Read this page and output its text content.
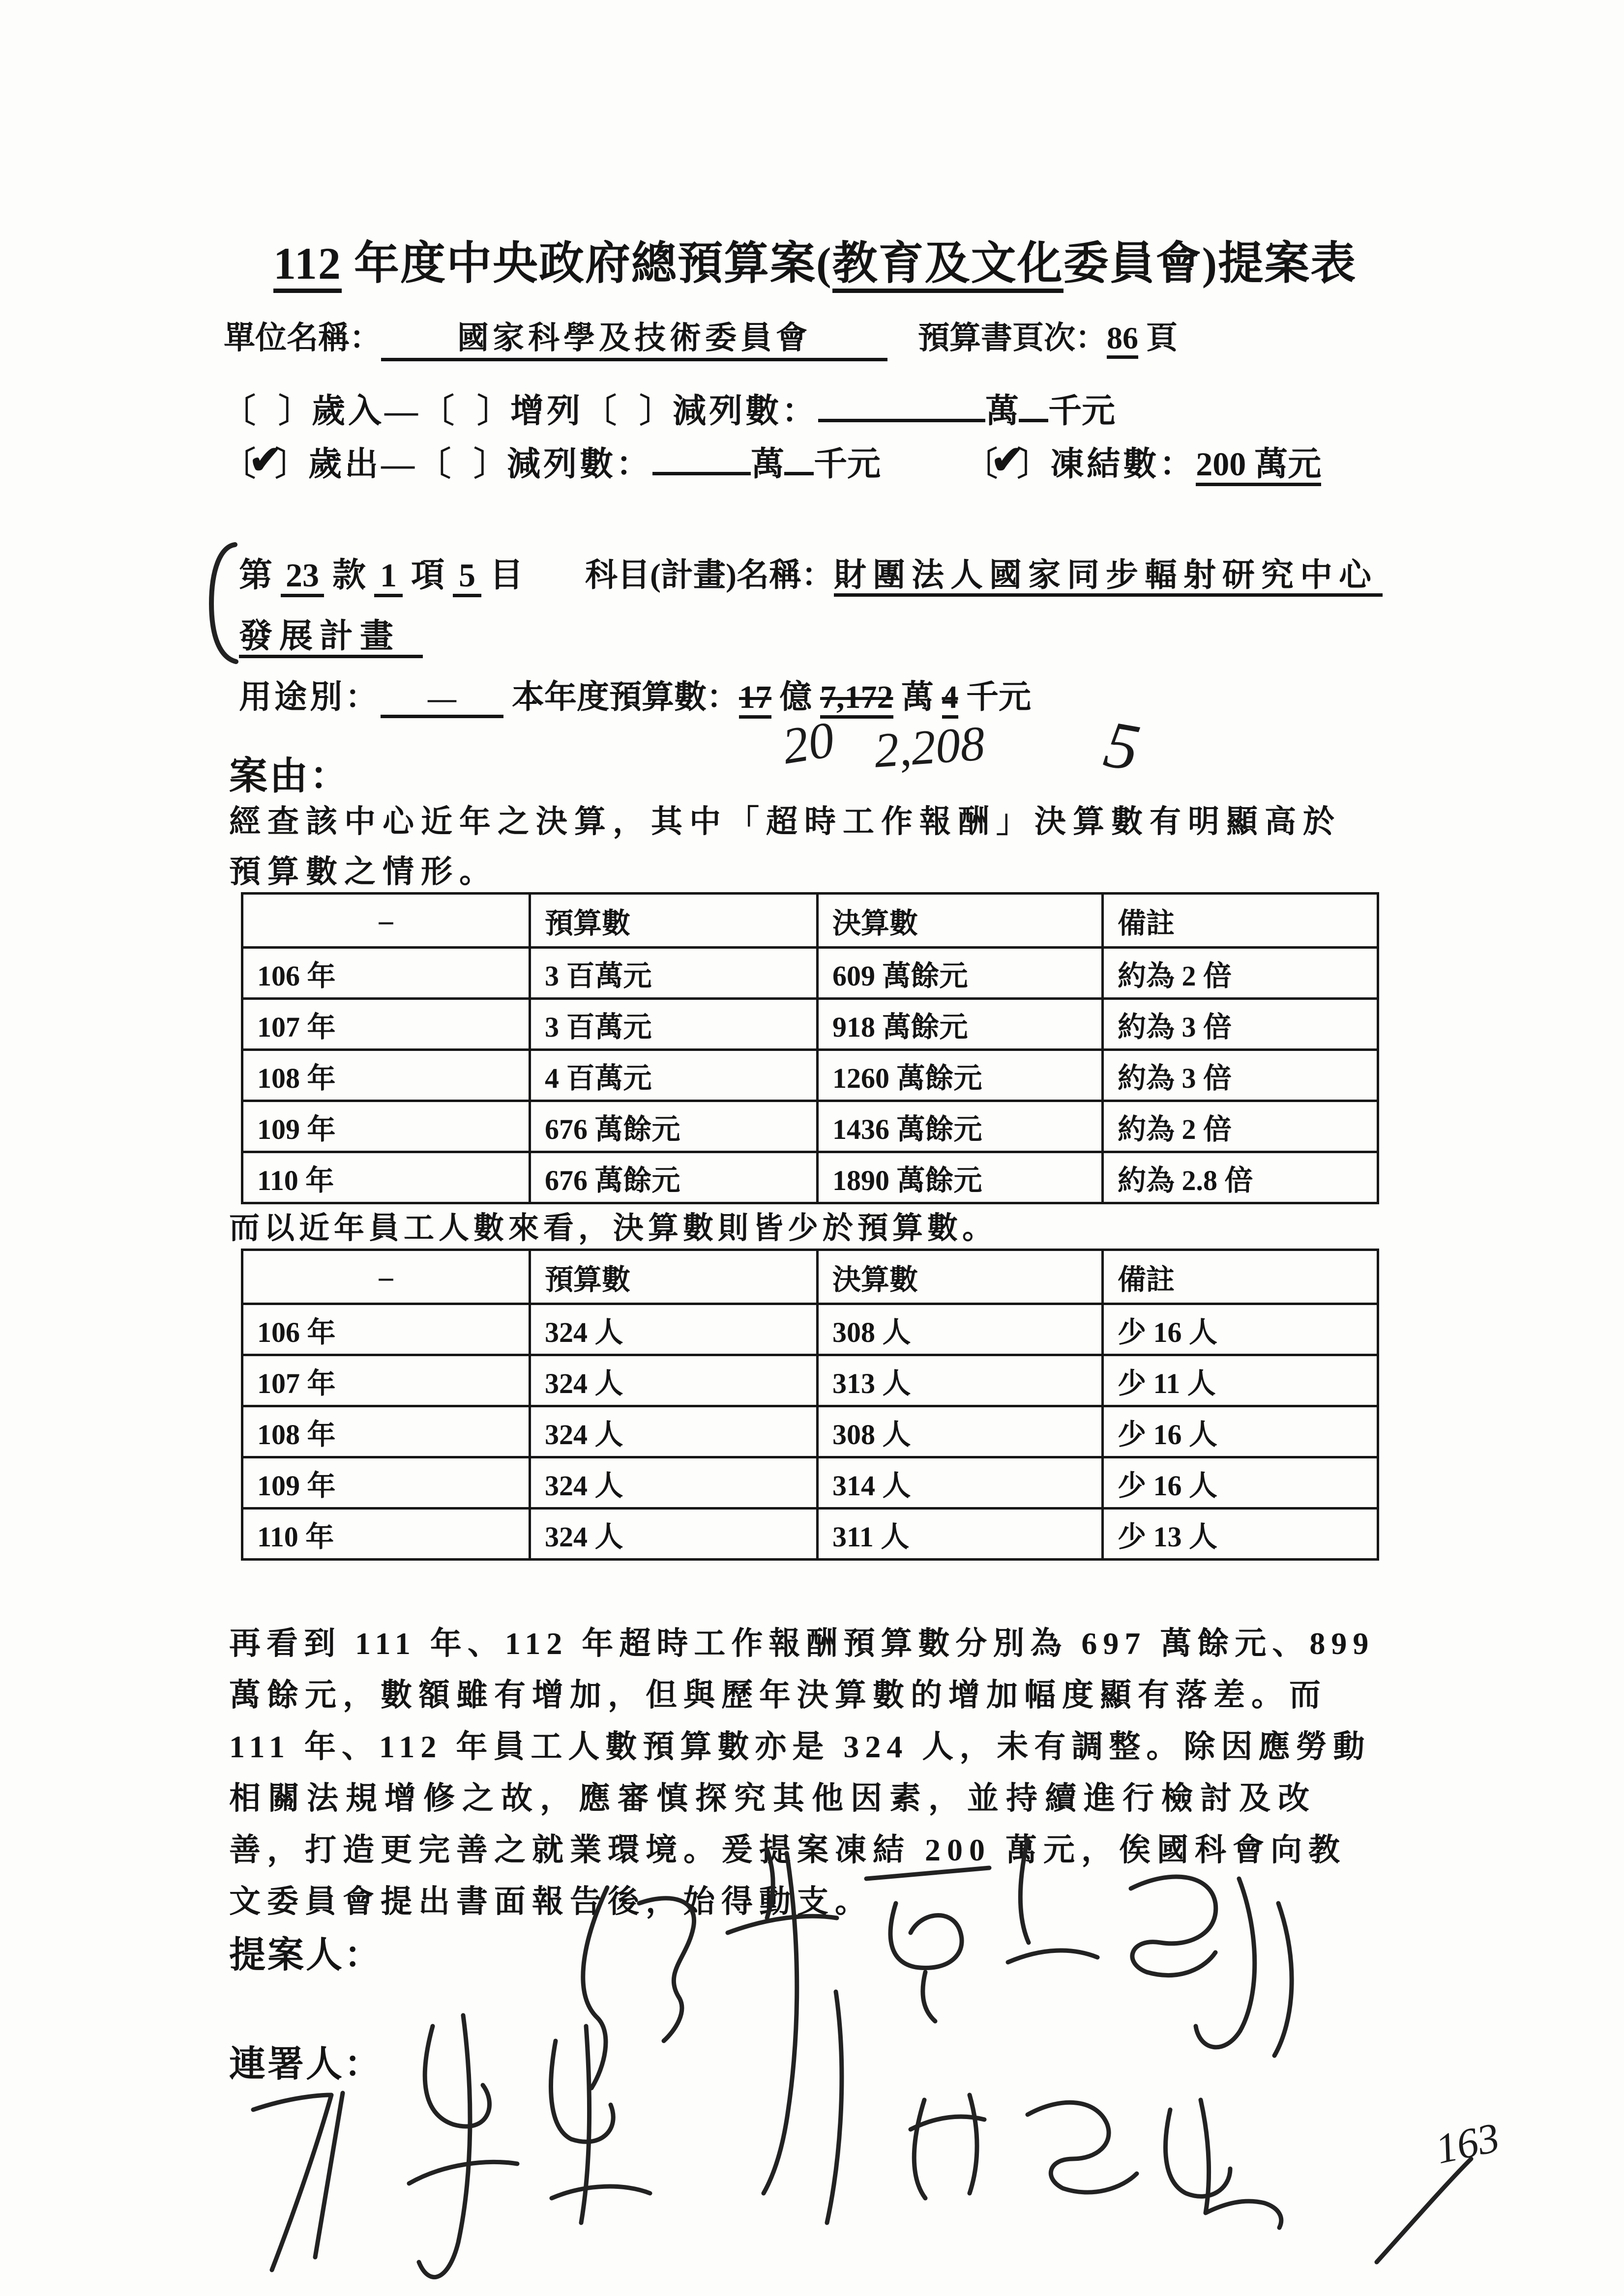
112 年度中央政府總預算案(教育及文化委員會)提案表
單位名稱： 國家科學及技術委員會	預算書頁次：86 頁
〔 〕歲入—〔 〕增列〔 〕減列數：	萬 千元
〔✔〕歲出—〔 〕減列數：	萬 千元	〔✔〕凍結數：200 萬元
第 23 款 1 項 5 目 科目(計畫)名稱：財團法人國家同步輻射研究中心
發展計畫
用途別： —	本年度預算數：17 億 7,172 萬 4 千元
20 2,208 5
案由：
經查該中心近年之決算，其中「超時工作報酬」決算數有明顯高於
預算數之情形。
–	預算數	決算數	備註
106 年	3 百萬元	609 萬餘元	約為 2 倍
107 年	3 百萬元	918 萬餘元	約為 3 倍
108 年	4 百萬元	1260 萬餘元	約為 3 倍
109 年	676 萬餘元	1436 萬餘元	約為 2 倍
110 年	676 萬餘元	1890 萬餘元	約為 2.8 倍
而以近年員工人數來看，決算數則皆少於預算數。
–	預算數	決算數	備註
106 年	324 人	308 人	少 16 人
107 年	324 人	313 人	少 11 人
108 年	324 人	308 人	少 16 人
109 年	324 人	314 人	少 16 人
110 年	324 人	311 人	少 13 人
再看到 111 年、112 年超時工作報酬預算數分別為 697 萬餘元、899
萬餘元，數額雖有增加，但與歷年決算數的增加幅度顯有落差。而
111 年、112 年員工人數預算數亦是 324 人，未有調整。除因應勞動
相關法規增修之故，應審慎探究其他因素，並持續進行檢討及改
善，打造更完善之就業環境。爰提案凍結 200 萬元，俟國科會向教
文委員會提出書面報告後，始得動支。
提案人：
連署人：
163
